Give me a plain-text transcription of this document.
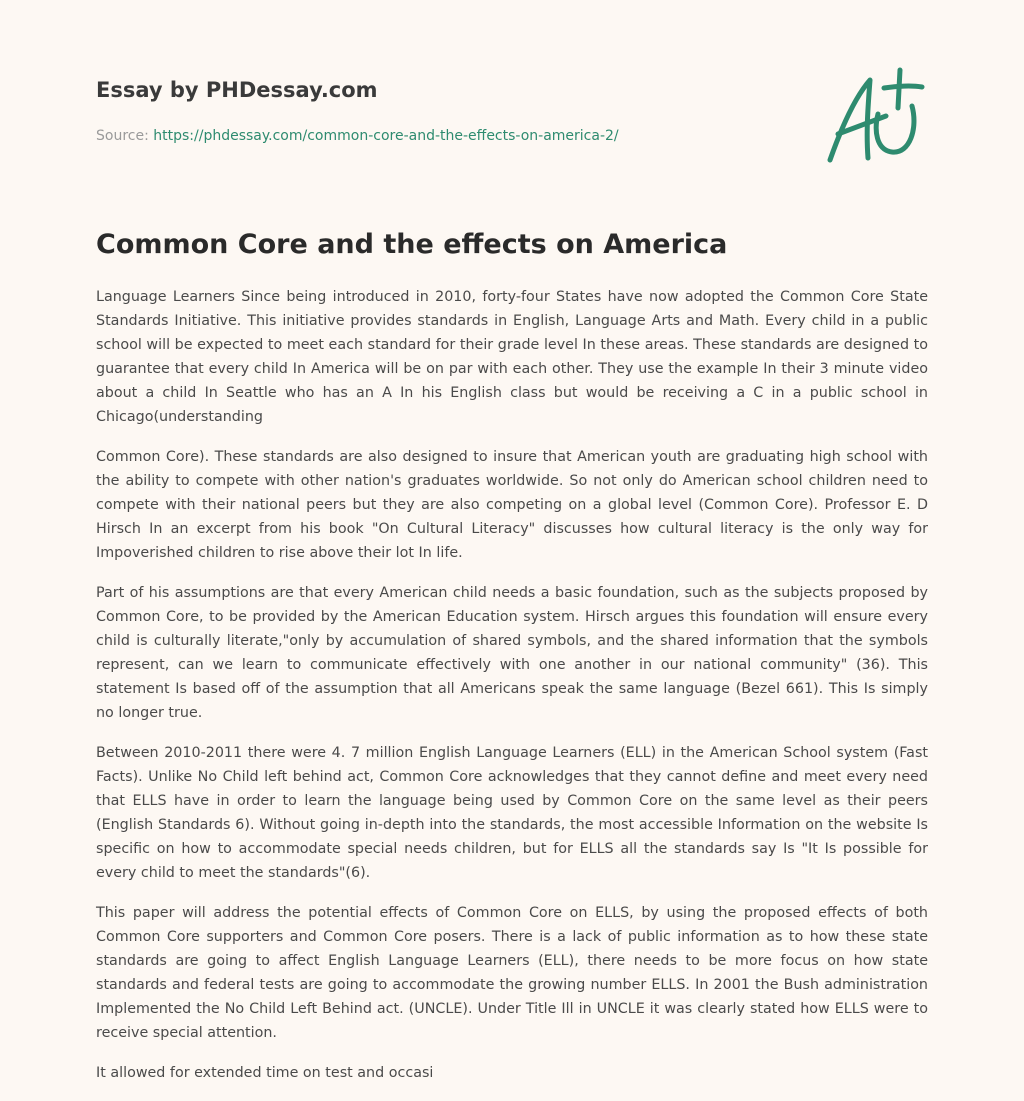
Essay by PHDessay.com
Source: https://phdessay.com/common-core-and-the-effects-on-america-2/
Common Core and the effects on America

Language Learners Since being introduced in 2010, forty-four States have now adopted the Common Core State Standards Initiative. This initiative provides standards in English, Language Arts and Math. Every child in a public school will be expected to meet each standard for their grade level In these areas. These standards are designed to guarantee that every child In America will be on par with each other. They use the example In their 3 minute video about a child In Seattle who has an A In his English class but would be receiving a C in a public school in Chicago(understanding

Common Core). These standards are also designed to insure that American youth are graduating high school with the ability to compete with other nation's graduates worldwide. So not only do American school children need to compete with their national peers but they are also competing on a global level (Common Core). Professor E. D Hirsch In an excerpt from his book "On Cultural Literacy" discusses how cultural literacy is the only way for Impoverished children to rise above their lot In life.

Part of his assumptions are that every American child needs a basic foundation, such as the subjects proposed by Common Core, to be provided by the American Education system. Hirsch argues this foundation will ensure every child is culturally literate,"only by accumulation of shared symbols, and the shared information that the symbols represent, can we learn to communicate effectively with one another in our national community" (36). This statement Is based off of the assumption that all Americans speak the same language (Bezel 661). This Is simply no longer true.

Between 2010-2011 there were 4. 7 million English Language Learners (ELL) in the American School system (Fast Facts). Unlike No Child left behind act, Common Core acknowledges that they cannot define and meet every need that ELLS have in order to learn the language being used by Common Core on the same level as their peers (English Standards 6). Without going in-depth into the standards, the most accessible Information on the website Is specific on how to accommodate special needs children, but for ELLS all the standards say Is "It Is possible for every child to meet the standards"(6).

This paper will address the potential effects of Common Core on ELLS, by using the proposed effects of both Common Core supporters and Common Core posers. There is a lack of public information as to how these state standards are going to affect English Language Learners (ELL), there needs to be more focus on how state standards and federal tests are going to accommodate the growing number ELLS. In 2001 the Bush administration Implemented the No Child Left Behind act. (UNCLE). Under Title Ill in UNCLE it was clearly stated how ELLS were to receive special attention.

It allowed for extended time on test and occasi
